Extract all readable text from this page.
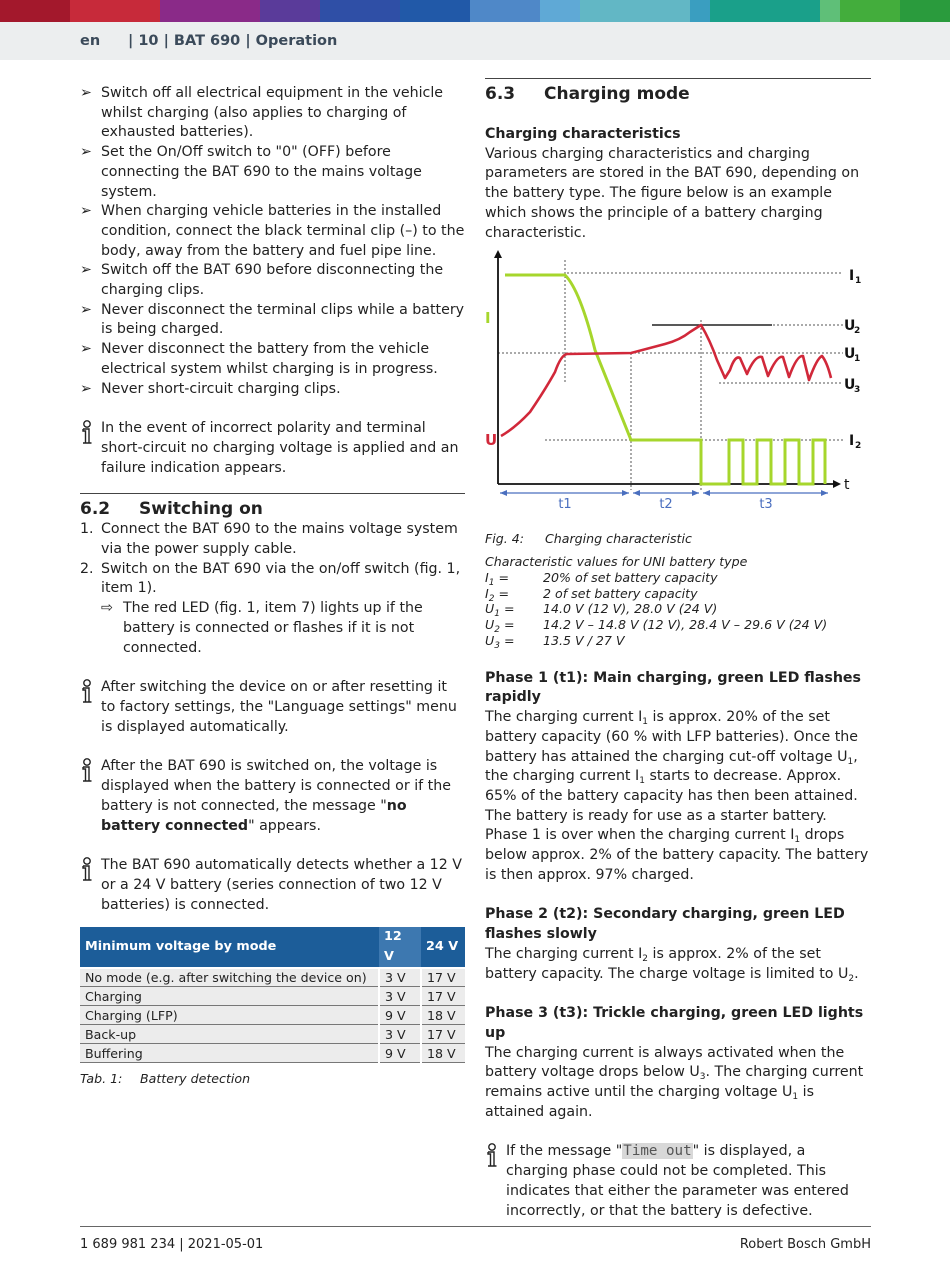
en | 10 | BAT 690 | Operation
➢ Switch off all electrical equipment in the vehicle whilst charging (also applies to charging of exhausted batteries).
➢ Set the On/Off switch to "0" (OFF) before connecting the BAT 690 to the mains voltage system.
➢ When charging vehicle batteries in the installed condition, connect the black terminal clip (–) to the body, away from the battery and fuel pipe line.
➢ Switch off the BAT 690 before disconnecting the charging clips.
➢ Never disconnect the terminal clips while a battery is being charged.
➢ Never disconnect the battery from the vehicle electrical system whilst charging is in progress.
➢ Never short-circuit charging clips.
In the event of incorrect polarity and terminal short-circuit no charging voltage is applied and an failure indication appears.
6.2	Switching on
1. Connect the BAT 690 to the mains voltage system via the power supply cable.
2. Switch on the BAT 690 via the on/off switch (fig. 1, item 1).
⇨ The red LED (fig. 1, item 7) lights up if the battery is connected or flashes if it is not connected.
After switching the device on or after resetting it to factory settings, the "Language settings" menu is displayed automatically.
After the BAT 690 is switched on, the voltage is displayed when the battery is connected or if the battery is not connected, the message "no battery connected" appears.
The BAT 690 automatically detects whether a 12 V or a 24 V battery (series connection of two 12 V batteries) is connected.
Minimum voltage by mode	12 V	24 V
No mode (e.g. after switching the device on)	3 V	17 V
Charging	3 V	17 V
Charging (LFP)	9 V	18 V
Back-up	3 V	17 V
Buffering	9 V	18 V
Tab. 1:	Battery detection
6.3	Charging mode
Charging characteristics
Various charging characteristics and charging parameters are stored in the BAT 690, depending on the battery type. The figure below is an example which shows the principle of a battery charging characteristic.
I
U
t
I 1
U
2
U
1
U
3
I 2
t1	t2	t3
Fig. 4:	Charging characteristic
Characteristic values for UNI battery type
$I_1$ =	20% of set battery capacity
$I_2$ =	2 of set battery capacity
$U_1$ =	14.0 V (12 V), 28.0 V (24 V)
$U_2$ =	14.2 V – 14.8 V (12 V), 28.4 V – 29.6 V (24 V)
$U_3$ =	13.5 V / 27 V
Phase 1 (t1): Main charging, green LED flashes rapidly
The charging current $I_1$ is approx. 20% of the set battery capacity (60 % with LFP batteries). Once the battery has attained the charging cut-off voltage $U_1$, the charging current $I_1$ starts to decrease. Approx. 65% of the battery capacity has then been attained. The battery is ready for use as a starter battery. Phase 1 is over when the charging current $I_1$ drops below approx. 2% of the battery capacity. The battery is then approx. 97% charged.
Phase 2 (t2): Secondary charging, green LED flashes slowly
The charging current $I_2$ is approx. 2% of the set battery capacity. The charge voltage is limited to $U_2$.
Phase 3 (t3): Trickle charging, green LED lights up
The charging current is always activated when the battery voltage drops below $U_3$. The charging current remains active until the charging voltage $U_1$ is attained again.
If the message "Time out" is displayed, a charging phase could not be completed. This indicates that either the parameter was entered incorrectly, or that the battery is defective.
1 689 981 234 | 2021-05-01	Robert Bosch GmbH
